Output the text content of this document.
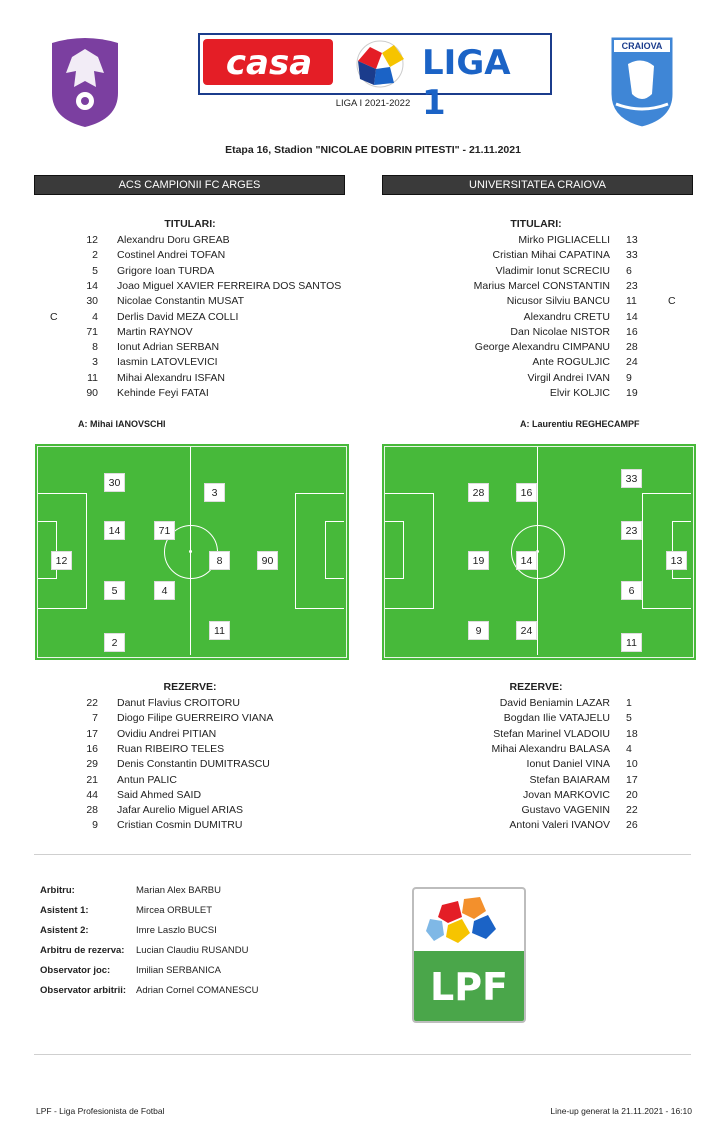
casa	LIGA 1
CRAIOVA
LIGA I 2021-2022
Etapa 16, Stadion "NICOLAE DOBRIN PITESTI" - 21.11.2021
ACS CAMPIONII FC ARGES	UNIVERSITATEA CRAIOVA
TITULARI:
12 Alexandru Doru GREAB
2 Costinel Andrei TOFAN
5 Grigore Ioan TURDA
14 Joao Miguel XAVIER FERREIRA DOS SANTOS
30 Nicolae Constantin MUSAT
C	4 Derlis David MEZA COLLI
71 Martin RAYNOV
8 Ionut Adrian SERBAN
3 Iasmin LATOVLEVICI
11 Mihai Alexandru ISFAN
90 Kehinde Feyi FATAI
TITULARI:
Mirko PIGLIACELLI 13
Cristian Mihai CAPATINA 33
Vladimir Ionut SCRECIU 6
Marius Marcel CONSTANTIN 23
Nicusor Silviu BANCU 11	C
Alexandru CRETU 14
Dan Nicolae NISTOR 16
George Alexandru CIMPANU 28
Ante ROGULJIC 24
Virgil Andrei IVAN 9
Elvir KOLJIC 19
A: Mihai IANOVSCHI	A: Laurentiu REGHECAMPF
12
14	71
5	4
30
2
3
8	90
11
28	16
33
23
19	14	13
6
9	24
11
REZERVE:
22 Danut Flavius CROITORU
7 Diogo Filipe GUERREIRO VIANA
17 Ovidiu Andrei PITIAN
16 Ruan RIBEIRO TELES
29 Denis Constantin DUMITRASCU
21 Antun PALIC
44 Said Ahmed SAID
28 Jafar Aurelio Miguel ARIAS
9 Cristian Cosmin DUMITRU
REZERVE:
David Beniamin LAZAR 1
Bogdan Ilie VATAJELU 5
Stefan Marinel VLADOIU 18
Mihai Alexandru BALASA 4
Ionut Daniel VINA 10
Stefan BAIARAM 17
Jovan MARKOVIC 20
Gustavo VAGENIN 22
Antoni Valeri IVANOV 26
Arbitru:	Marian Alex BARBU
Asistent 1:	Mircea ORBULET
Asistent 2:	Imre Laszlo BUCSI
Arbitru de rezerva:	Lucian Claudiu RUSANDU
Observator joc:	Imilian SERBANICA
Observator arbitrii:	Adrian Cornel COMANESCU	LPF
LPF - Liga Profesionista de Fotbal	Line-up generat la 21.11.2021 - 16:10
